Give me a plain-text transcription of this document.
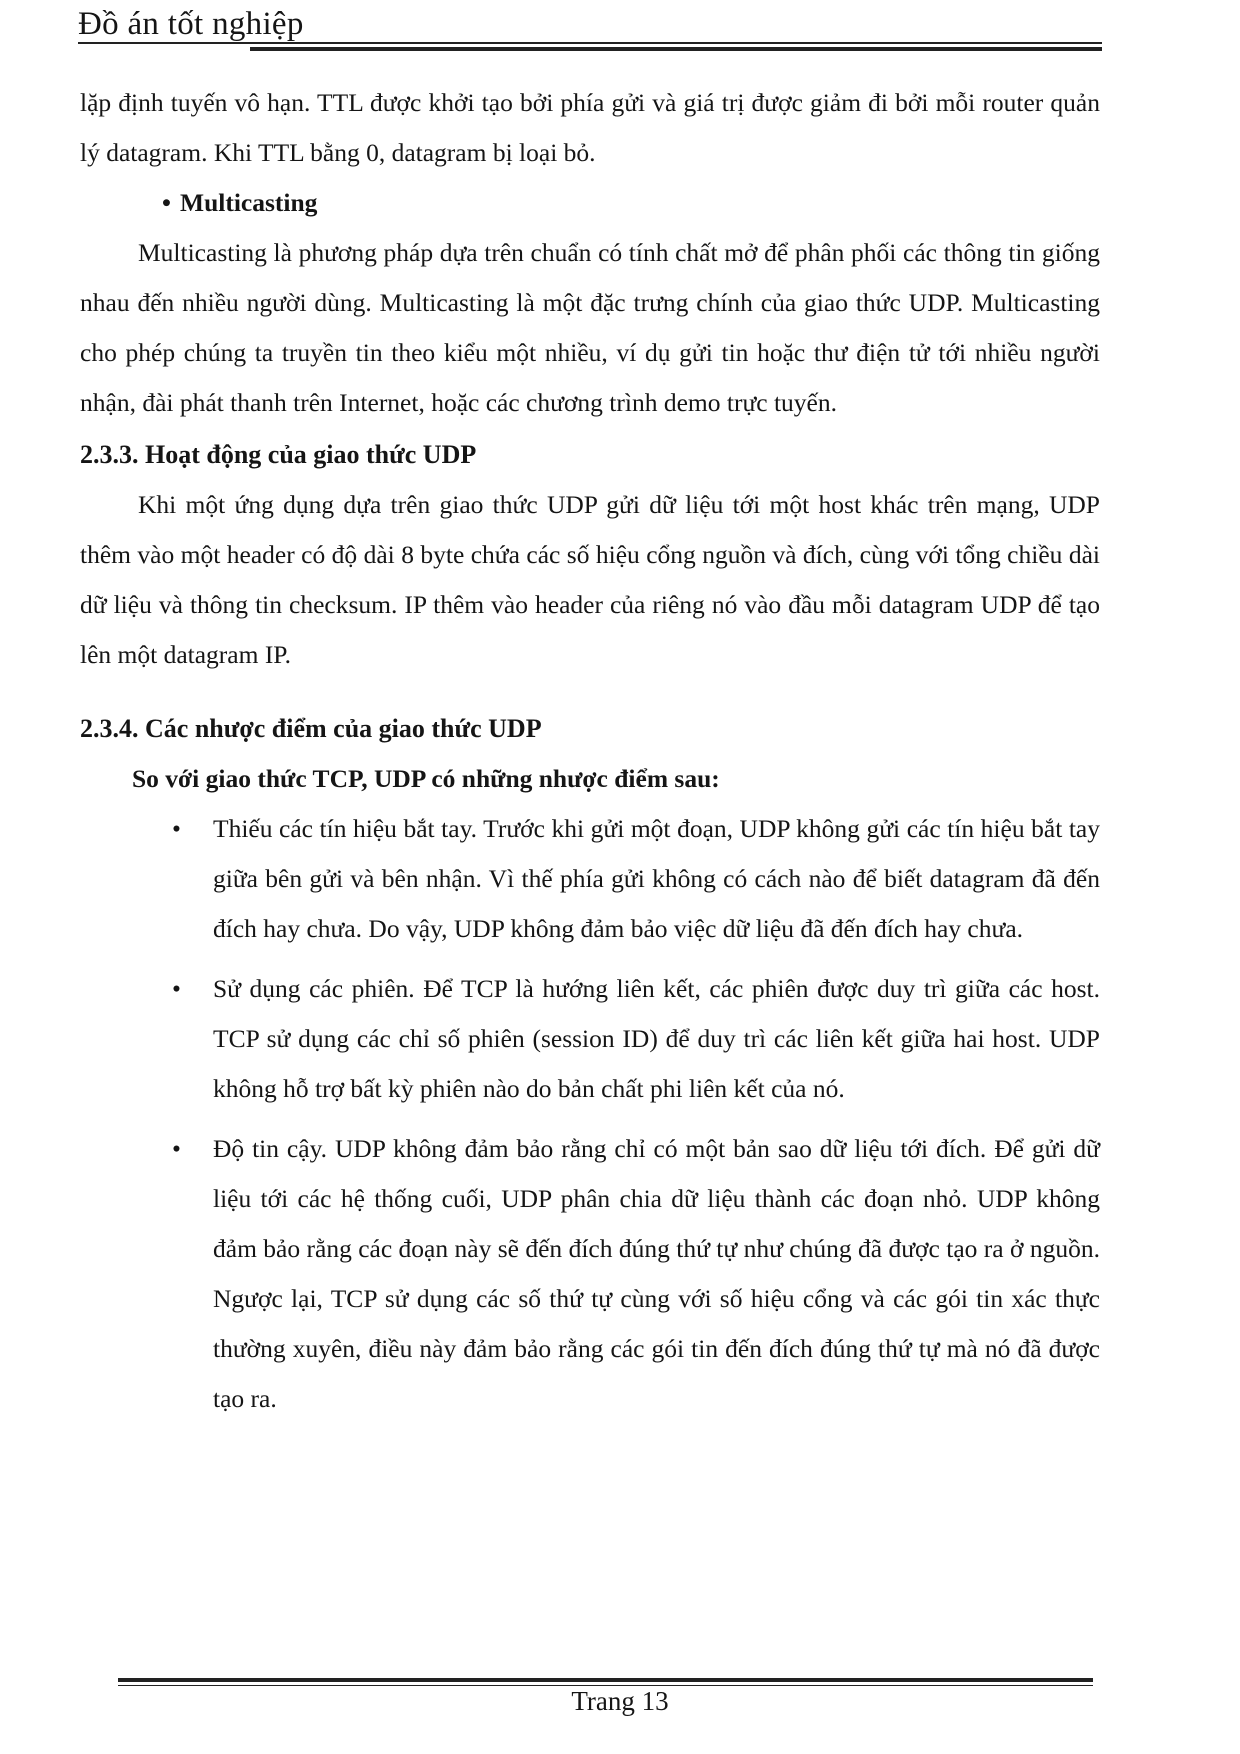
Đồ án tốt nghiệp

lặp định tuyến vô hạn. TTL được khởi tạo bởi phía gửi và giá trị được giảm đi bởi mỗi router quản lý datagram. Khi TTL bằng 0, datagram bị loại bỏ.

• Multicasting

Multicasting là phương pháp dựa trên chuẩn có tính chất mở để phân phối các thông tin giống nhau đến nhiều người dùng. Multicasting là một đặc trưng chính của giao thức UDP. Multicasting cho phép chúng ta truyền tin theo kiểu một nhiều, ví dụ gửi tin hoặc thư điện tử tới nhiều người nhận, đài phát thanh trên Internet, hoặc các chương trình demo trực tuyến.

2.3.3. Hoạt động của giao thức UDP

Khi một ứng dụng dựa trên giao thức UDP gửi dữ liệu tới một host khác trên mạng, UDP thêm vào một header có độ dài 8 byte chứa các số hiệu cổng nguồn và đích, cùng với tổng chiều dài dữ liệu và thông tin checksum. IP thêm vào header của riêng nó vào đầu mỗi datagram UDP để tạo lên một datagram IP.

2.3.4. Các nhược điểm của giao thức UDP
So với giao thức TCP, UDP có những nhược điểm sau:
• Thiếu các tín hiệu bắt tay. Trước khi gửi một đoạn, UDP không gửi các tín hiệu bắt tay giữa bên gửi và bên nhận. Vì thế phía gửi không có cách nào để biết datagram đã đến đích hay chưa. Do vậy, UDP không đảm bảo việc dữ liệu đã đến đích hay chưa.

• Sử dụng các phiên. Để TCP là hướng liên kết, các phiên được duy trì giữa các host. TCP sử dụng các chỉ số phiên (session ID) để duy trì các liên kết giữa hai host. UDP không hỗ trợ bất kỳ phiên nào do bản chất phi liên kết của nó.

• Độ tin cậy. UDP không đảm bảo rằng chỉ có một bản sao dữ liệu tới đích. Để gửi dữ liệu tới các hệ thống cuối, UDP phân chia dữ liệu thành các đoạn nhỏ. UDP không đảm bảo rằng các đoạn này sẽ đến đích đúng thứ tự như chúng đã được tạo ra ở nguồn. Ngược lại, TCP sử dụng các số thứ tự cùng với số hiệu cổng và các gói tin xác thực thường xuyên, điều này đảm bảo rằng các gói tin đến đích đúng thứ tự mà nó đã được tạo ra.

Trang 13
